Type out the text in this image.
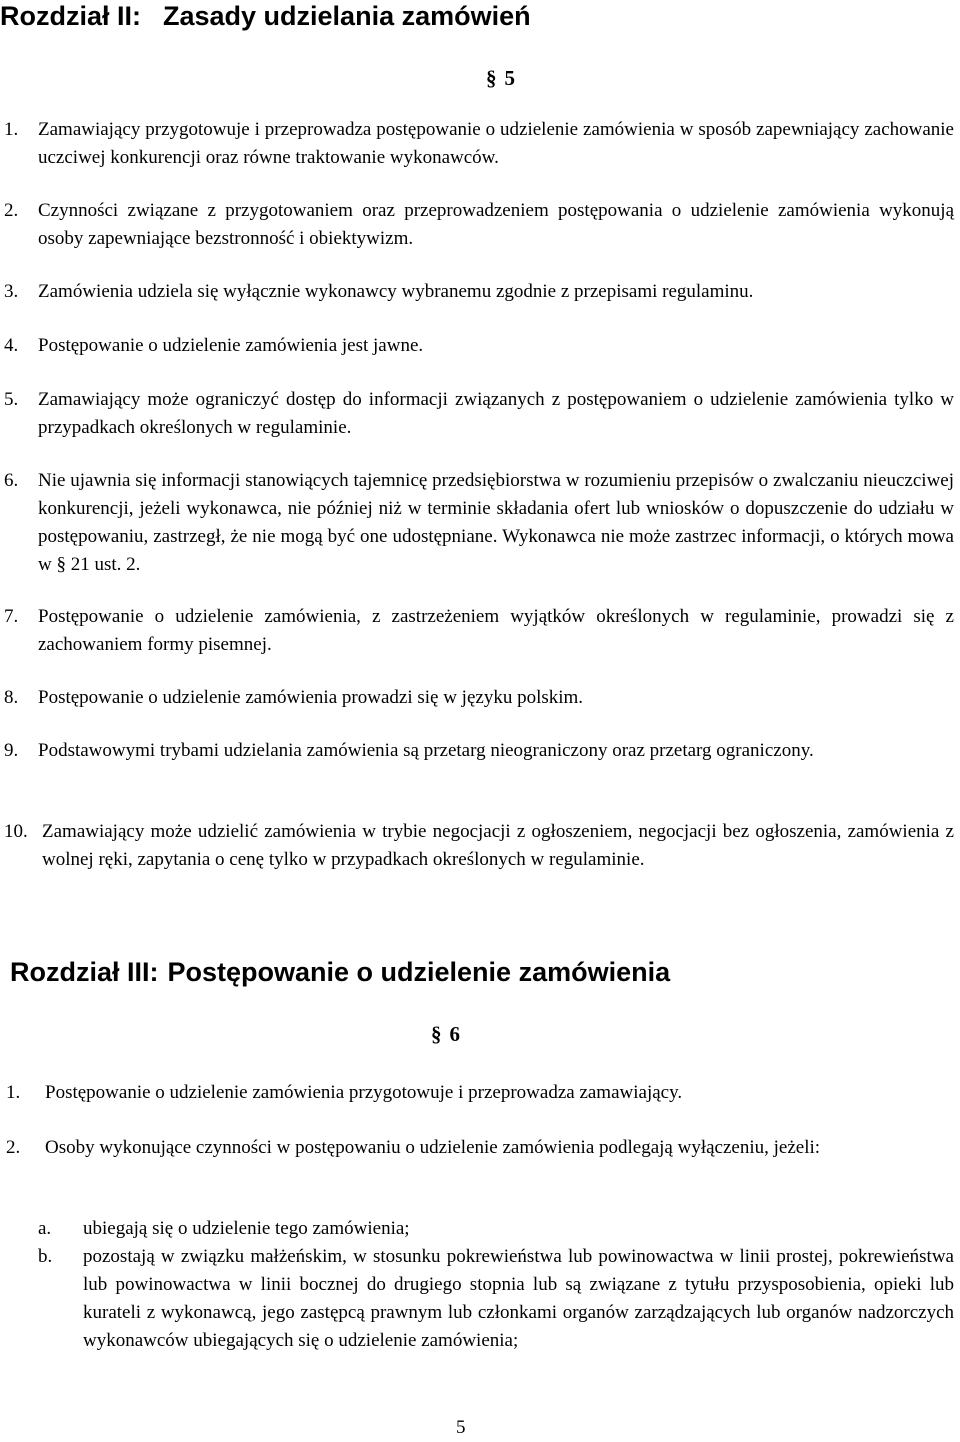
Rozdział II: Zasady udzielania zamówień
§ 5
1. Zamawiający przygotowuje i przeprowadza postępowanie o udzielenie zamówienia w sposób zapewniający zachowanie uczciwej konkurencji oraz równe traktowanie wykonawców.
2. Czynności związane z przygotowaniem oraz przeprowadzeniem postępowania o udzielenie zamówienia wykonują osoby zapewniające bezstronność i obiektywizm.
3. Zamówienia udziela się wyłącznie wykonawcy wybranemu zgodnie z przepisami regulaminu.
4. Postępowanie o udzielenie zamówienia jest jawne.
5. Zamawiający może ograniczyć dostęp do informacji związanych z postępowaniem o udzielenie zamówienia tylko w przypadkach określonych w regulaminie.
6. Nie ujawnia się informacji stanowiących tajemnicę przedsiębiorstwa w rozumieniu przepisów o zwalczaniu nieuczciwej konkurencji, jeżeli wykonawca, nie później niż w terminie składania ofert lub wniosków o dopuszczenie do udziału w postępowaniu, zastrzegł, że nie mogą być one udostępniane. Wykonawca nie może zastrzec informacji, o których mowa w § 21 ust. 2.
7. Postępowanie o udzielenie zamówienia, z zastrzeżeniem wyjątków określonych w regulaminie, prowadzi się z zachowaniem formy pisemnej.
8. Postępowanie o udzielenie zamówienia prowadzi się w języku polskim.
9. Podstawowymi trybami udzielania zamówienia są przetarg nieograniczony oraz przetarg ograniczony.
10. Zamawiający może udzielić zamówienia w trybie negocjacji z ogłoszeniem, negocjacji bez ogłoszenia, zamówienia z wolnej ręki, zapytania o cenę tylko w przypadkach określonych w regulaminie.
Rozdział III: Postępowanie o udzielenie zamówienia
§ 6
1. Postępowanie o udzielenie zamówienia przygotowuje i przeprowadza zamawiający.
2. Osoby wykonujące czynności w postępowaniu o udzielenie zamówienia podlegają wyłączeniu, jeżeli:
a. ubiegają się o udzielenie tego zamówienia;
b. pozostają w związku małżeńskim, w stosunku pokrewieństwa lub powinowactwa w linii prostej, pokrewieństwa lub powinowactwa w linii bocznej do drugiego stopnia lub są związane z tytułu przysposobienia, opieki lub kurateli z wykonawcą, jego zastępcą prawnym lub członkami organów zarządzających lub organów nadzorczych wykonawców ubiegających się o udzielenie zamówienia;
5
